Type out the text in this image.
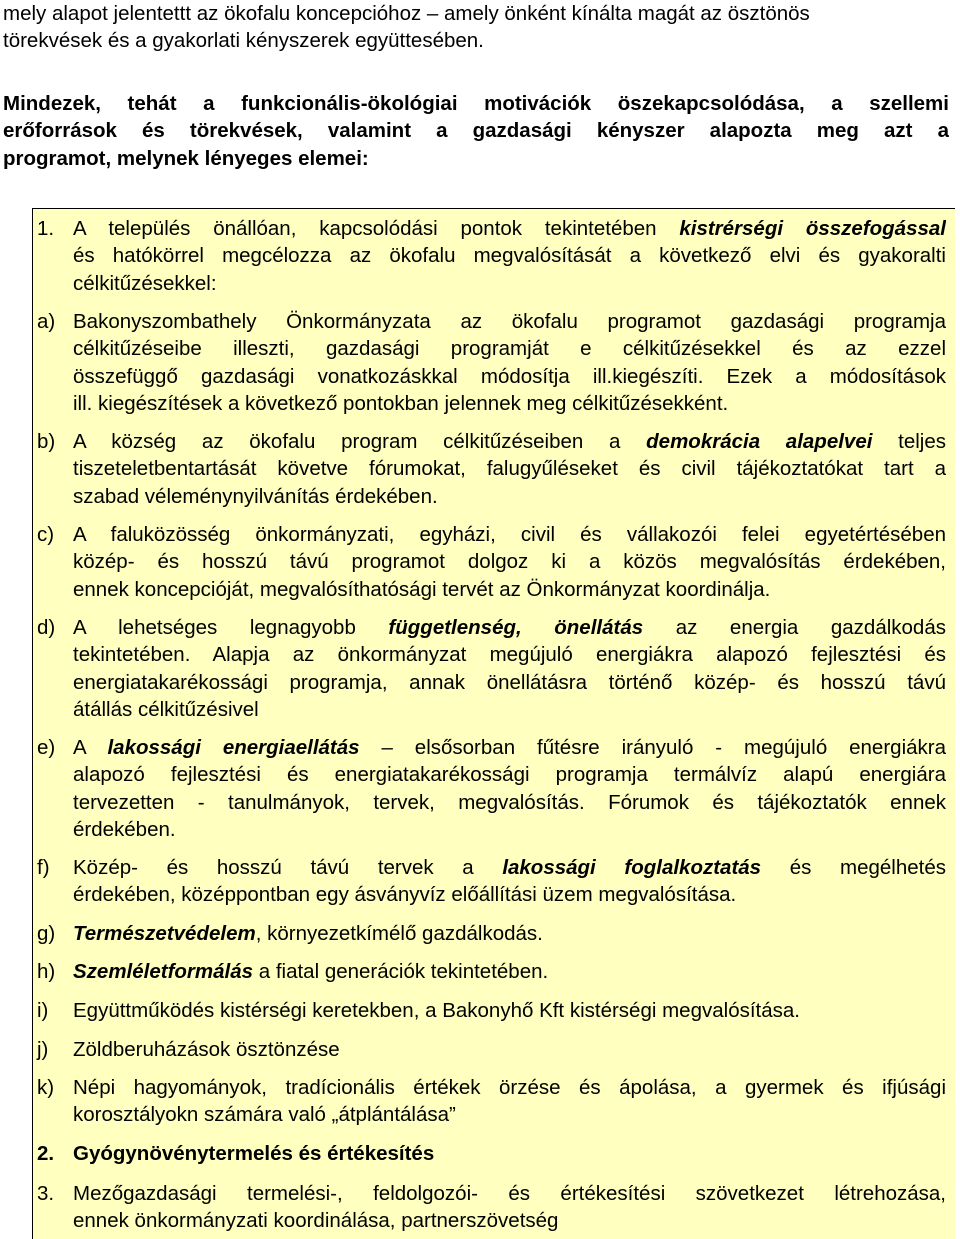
mely alapot jelentettt az ökofalu koncepcióhoz – amely önként kínálta magát az ösztönös
törekvések és a gyakorlati kényszerek együttesében.
Mindezek, tehát a funkcionális-ökológiai motivációk öszekapcsolódása, a szellemi
erőforrások és törekvések, valamint a gazdasági kényszer alapozta meg azt a
programot, melynek lényeges elemei:
1. A település önállóan, kapcsolódási pontok tekintetében kistrérségi összefogással
és hatókörrel megcélozza az ökofalu megvalósítását a következő elvi és gyakoralti
célkitűzésekkel:
a) Bakonyszombathely Önkormányzata az ökofalu programot gazdasági programja
célkitűzéseibe illeszti, gazdasági programját e célkitűzésekkel és az ezzel
összefüggő gazdasági vonatkozáskkal módosítja ill.kiegészíti. Ezek a módosítások
ill. kiegészítések a következő pontokban jelennek meg célkitűzésekként.
b) A község az ökofalu program célkitűzéseiben a demokrácia alapelvei teljes
tiszeteletbentartását követve fórumokat, falugyűléseket és civil tájékoztatókat tart a
szabad véleménynyilvánítás érdekében.
c) A faluközösség önkormányzati, egyházi, civil és vállakozói felei egyetértésében
közép- és hosszú távú programot dolgoz ki a közös megvalósítás érdekében,
ennek koncepcióját, megvalósíthatósági tervét az Önkormányzat koordinálja.
d) A lehetséges legnagyobb függetlenség, önellátás az energia gazdálkodás
tekintetében. Alapja az önkormányzat megújuló energiákra alapozó fejlesztési és
energiatakarékossági programja, annak önellátásra történő közép- és hosszú távú
átállás célkitűzésivel
e) A lakossági energiaellátás – elsősorban fűtésre irányuló - megújuló energiákra
alapozó fejlesztési és energiatakarékossági programja termálvíz alapú energiára
tervezetten - tanulmányok, tervek, megvalósítás. Fórumok és tájékoztatók ennek
érdekében.
f) Közép- és hosszú távú tervek a lakossági foglalkoztatás és megélhetés
érdekében, középpontban egy ásványvíz előállítási üzem megvalósítása.
g) Természetvédelem, környezetkímélő gazdálkodás.
h) Szemléletformálás a fiatal generációk tekintetében.
i) Együttműködés kistérségi keretekben, a Bakonyhő Kft kistérségi megvalósítása.
j) Zöldberuházások ösztönzése
k) Népi hagyományok, tradícionális értékek örzése és ápolása, a gyermek és ifjúsági
korosztályokn számára való „átplántálása”
2. Gyógynövénytermelés és értékesítés
3. Mezőgazdasági termelési-, feldolgozói- és értékesítési szövetkezet létrehozása,
ennek önkormányzati koordinálása, partnerszövetség
